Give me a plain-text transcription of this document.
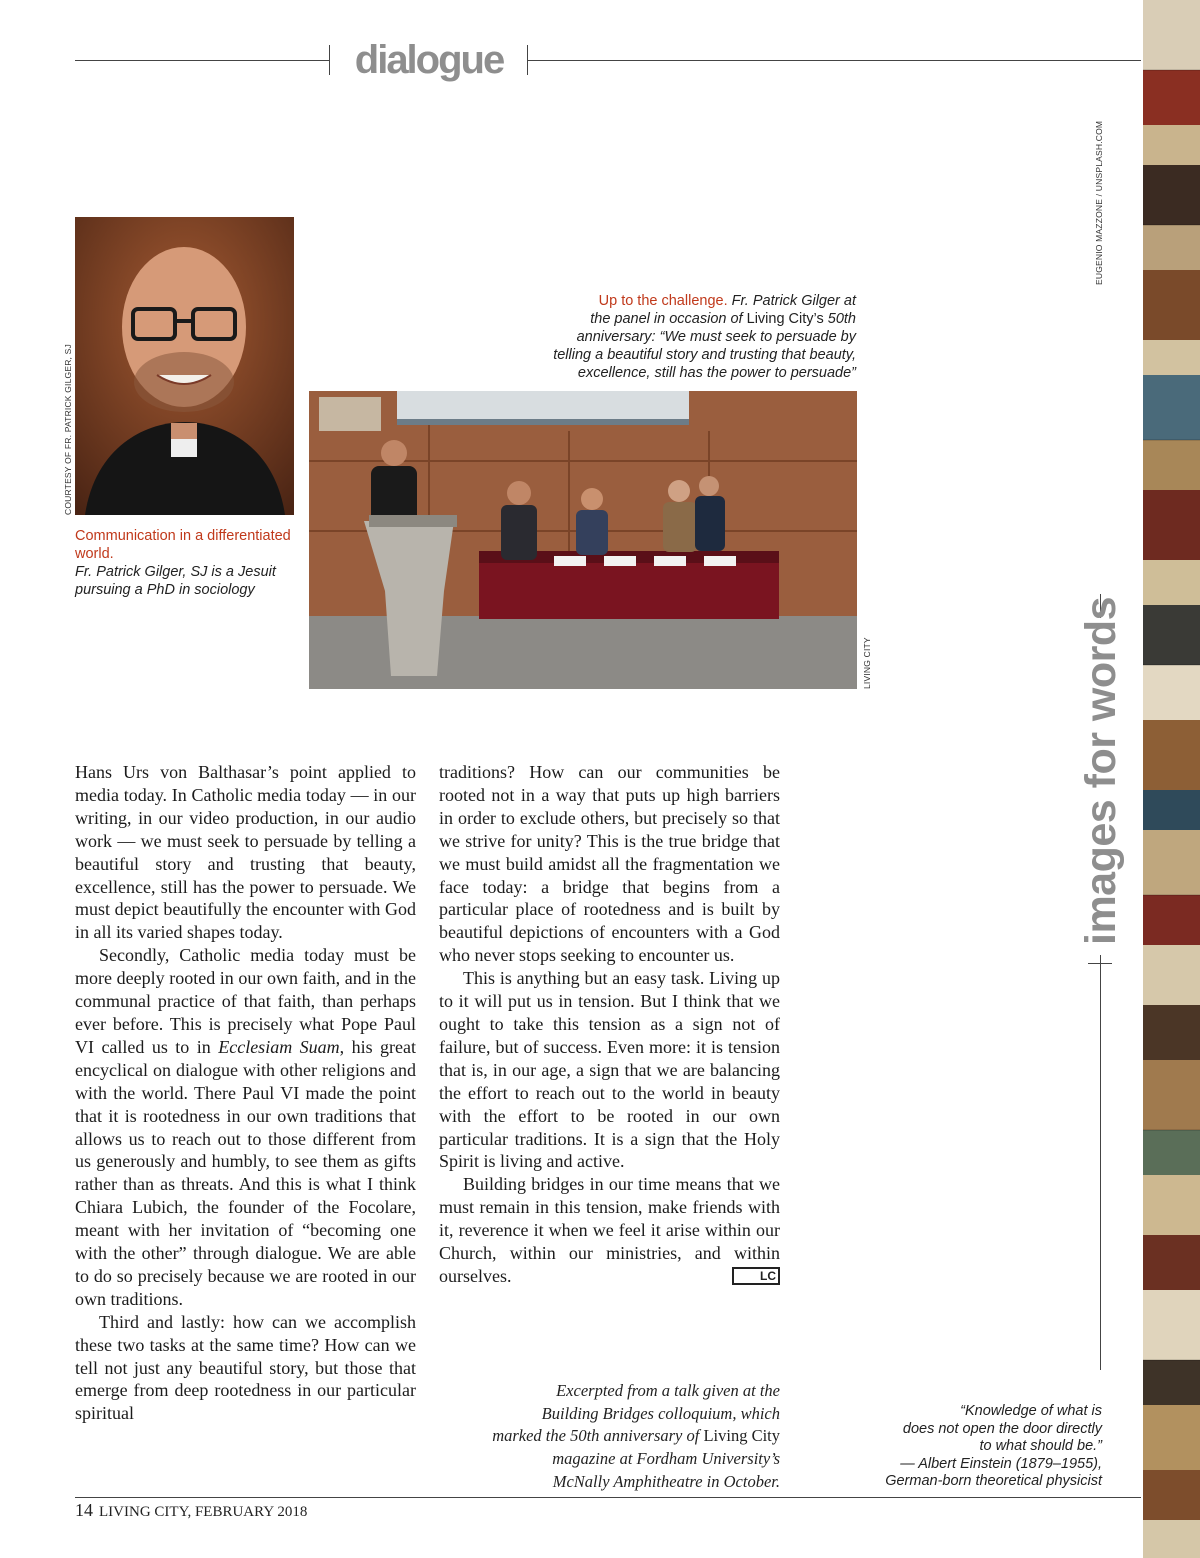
dialogue
EUGENIO MAZZONE / UNSPLASH.COM
images for words
COURTESY OF FR. PATRICK GILGER, SJ
Communication in a differentiated world.
Fr. Patrick Gilger, SJ is a Jesuit pursuing a PhD in sociology
Up to the challenge. Fr. Patrick Gilger at
the panel in occasion of Living City’s 50th
anniversary: “We must seek to persuade by
telling a beautiful story and trusting that beauty,
excellence, still has the power to persuade”
LIVING CITY

Hans Urs von Balthasar’s point applied to media today. In Catholic media today — in our writing, in our video production, in our audio work — we must seek to persuade by telling a beautiful story and trusting that beauty, excellence, still has the power to persuade. We must depict beautifully the encounter with God in all its varied shapes today.

Secondly, Catholic media today must be more deeply rooted in our own faith, and in the communal practice of that faith, than perhaps ever before. This is precisely what Pope Paul VI called us to in Ecclesiam Suam, his great encyclical on dialogue with other religions and with the world. There Paul VI made the point that it is rootedness in our own traditions that allows us to reach out to those different from us generously and humbly, to see them as gifts rather than as threats. And this is what I think Chiara Lubich, the founder of the Focolare, meant with her invitation of “becoming one with the other” through dialogue. We are able to do so precisely because we are rooted in our own traditions.

Third and lastly: how can we accomplish these two tasks at the same time? How can we tell not just any beautiful story, but those that emerge from deep rootedness in our particular spiritual

traditions? How can our communities be rooted not in a way that puts up high barriers in order to exclude others, but precisely so that we strive for unity? This is the true bridge that we must build amidst all the fragmentation we face today: a bridge that begins from a particular place of rootedness and is built by beautiful depictions of encounters with a God who never stops seeking to encounter us.

This is anything but an easy task. Living up to it will put us in tension. But I think that we ought to take this tension as a sign not of failure, but of success. Even more: it is tension that is, in our age, a sign that we are balancing the effort to reach out to the world in beauty with the effort to be rooted in our own particular traditions. It is a sign that the Holy Spirit is living and active.

Building bridges in our time means that we must remain in this tension, make friends with it, reverence it when we feel it arise within our Church, within our ministries, and within ourselves.	LC

Excerpted from a talk given at the
Building Bridges colloquium, which
marked the 50th anniversary of Living City
magazine at Fordham University’s
McNally Amphitheatre in October.
“Knowledge of what is
does not open the door directly
to what should be.”
— Albert Einstein (1879–1955),
German-born theoretical physicist
14 LIVING CITY, FEBRUARY 2018
